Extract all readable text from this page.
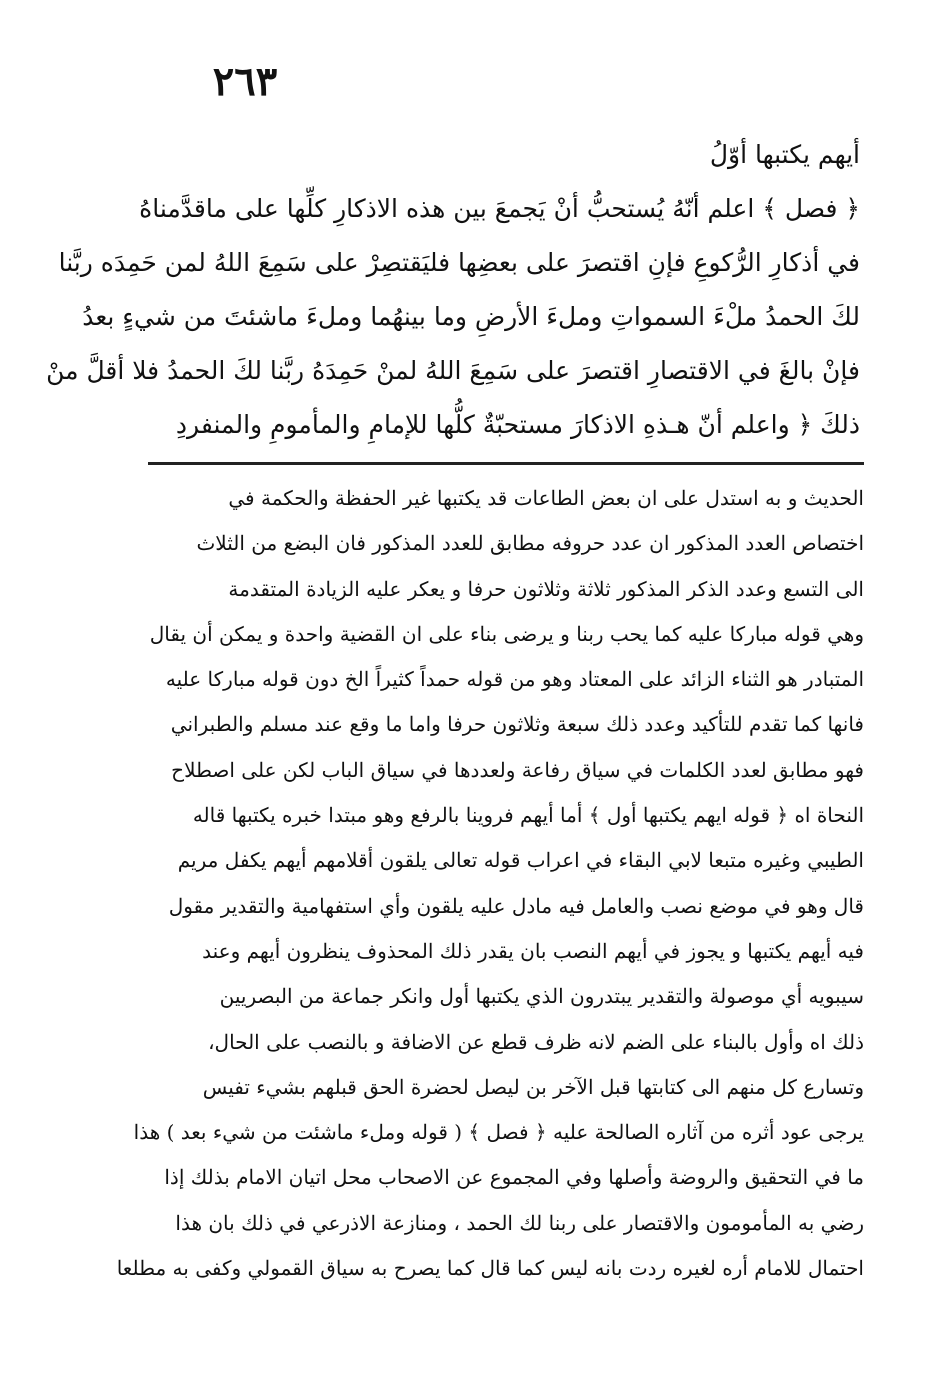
٢٦٣
أيهم يكتبها أوّلُ
﴿ فصل ﴾ اعلم أنّهُ يُستحبُّ أنْ يَجمعَ بين هذه الاذكارِ كلِّها على ماقدَّمناهُ
في أذكارِ الرُّكوعِ فإنِ اقتصرَ على بعضِها فليَقتصِرْ على سَمِعَ اللهُ لمن حَمِدَه ربَّنا
لكَ الحمدُ ملْءَ السمواتِ وملءَ الأرضِ وما بينهُما وملءَ ماشئتَ من شيءٍ بعدُ
فإنْ بالغَ في الاقتصارِ اقتصرَ على سَمِعَ اللهُ لمنْ حَمِدَهُ ربَّنا لكَ الحمدُ فلا أقلَّ منْ
ذلكَ ﴿ واعلم أنّ هـذهِ الاذكارَ مستحبّةٌ كلُّها للإمامِ والمأمومِ والمنفردِ
الحديث و به استدل على ان بعض الطاعات قد يكتبها غير الحفظة والحكمة في
اختصاص العدد المذكور ان عدد حروفه مطابق للعدد المذكور فان البضع من الثلاث
الى التسع وعدد الذكر المذكور ثلاثة وثلاثون حرفا و يعكر عليه الزيادة المتقدمة
وهي قوله مباركا عليه كما يحب ربنا و يرضى بناء على ان القضية واحدة و يمكن أن يقال
المتبادر هو الثناء الزائد على المعتاد وهو من قوله حمداً كثيراً الخ دون قوله مباركا عليه
فانها كما تقدم للتأكيد وعدد ذلك سبعة وثلاثون حرفا واما ما وقع عند مسلم والطبراني
فهو مطابق لعدد الكلمات في سياق رفاعة ولعددها في سياق الباب لكن على اصطلاح
النحاة اه ﴿ قوله ايهم يكتبها أول ﴾ أما أيهم فروينا بالرفع وهو مبتدا خبره يكتبها قاله
الطيبي وغيره متبعا لابي البقاء في اعراب قوله تعالى يلقون أقلامهم أيهم يكفل مريم
قال وهو في موضع نصب والعامل فيه مادل عليه يلقون وأي استفهامية والتقدير مقول
فيه أيهم يكتبها و يجوز في أيهم النصب بان يقدر ذلك المحذوف ينظرون أيهم وعند
سيبويه أي موصولة والتقدير يبتدرون الذي يكتبها أول وانكر جماعة من البصريين
ذلك اه وأول بالبناء على الضم لانه ظرف قطع عن الاضافة و بالنصب على الحال،
وتسارع كل منهم الى كتابتها قبل الآخر بن ليصل لحضرة الحق قبلهم بشيء تفيس
يرجى عود أثره من آثاره الصالحة عليه ﴿ فصل ﴾ ( قوله وملء ماشئت من شيء بعد ) هذا
ما في التحقيق والروضة وأصلها وفي المجموع عن الاصحاب محل اتيان الامام بذلك إذا
رضي به المأمومون والاقتصار على ربنا لك الحمد ، ومنازعة الاذرعي في ذلك بان هذا
احتمال للامام أره لغيره ردت بانه ليس كما قال كما يصرح به سياق القمولي وكفى به مطلعا
